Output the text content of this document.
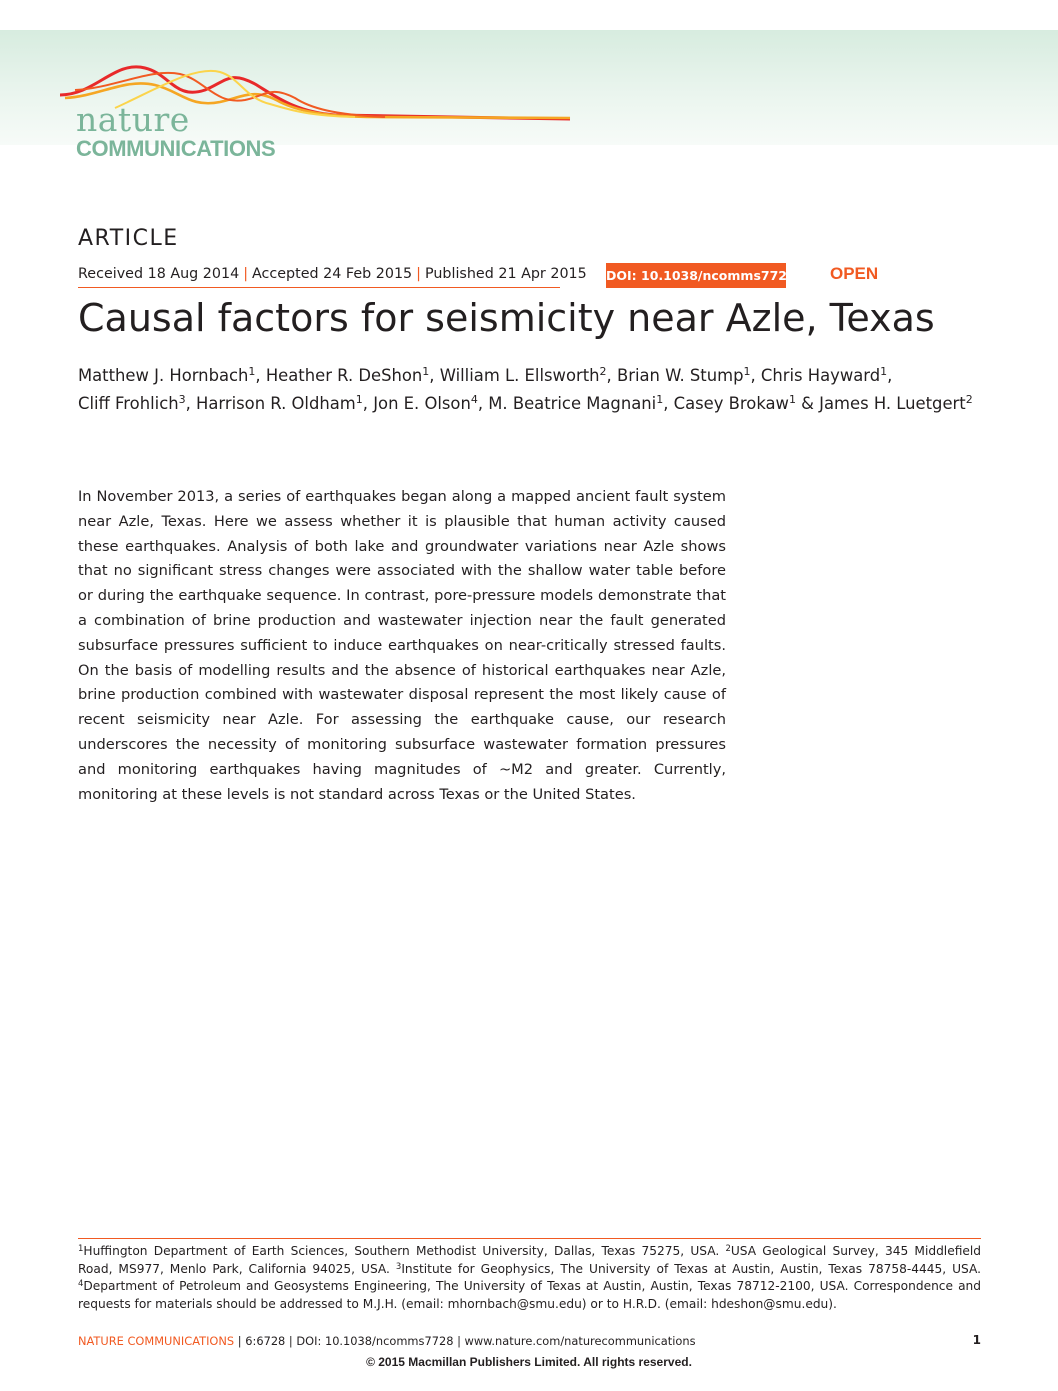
nature
COMMUNICATIONS
ARTICLE
Received 18 Aug 2014 | Accepted 24 Feb 2015 | Published 21 Apr 2015 DOI: 10.1038/ncomms7728 OPEN
Causal factors for seismicity near Azle, Texas
Matthew J. Hornbach$^1$, Heather R. DeShon$^1$, William L. Ellsworth$^2$, Brian W. Stump$^1$, Chris Hayward$^1$,
Cliff Frohlich$^3$, Harrison R. Oldham$^1$, Jon E. Olson$^4$, M. Beatrice Magnani$^1$, Casey Brokaw$^1$ & James H. Luetgert$^2$

In November 2013, a series of earthquakes began along a mapped ancient fault system near Azle, Texas. Here we assess whether it is plausible that human activity caused these earthquakes. Analysis of both lake and groundwater variations near Azle shows that no significant stress changes were associated with the shallow water table before or during the earthquake sequence. In contrast, pore-pressure models demonstrate that a combination of brine production and wastewater injection near the fault generated subsurface pressures sufficient to induce earthquakes on near-critically stressed faults. On the basis of modelling results and the absence of historical earthquakes near Azle, brine production combined with wastewater disposal represent the most likely cause of recent seismicity near Azle. For assessing the earthquake cause, our research underscores the necessity of monitoring subsurface wastewater formation pressures and monitoring earthquakes having magnitudes of ∼M2 and greater. Currently, monitoring at these levels is not standard across Texas or the United States.

$^1$Huffington Department of Earth Sciences, Southern Methodist University, Dallas, Texas 75275, USA. $^2$USA Geological Survey, 345 Middlefield Road, MS977, Menlo Park, California 94025, USA. $^3$Institute for Geophysics, The University of Texas at Austin, Austin, Texas 78758-4445, USA. $^4$Department of Petroleum and Geosystems Engineering, The University of Texas at Austin, Austin, Texas 78712-2100, USA. Correspondence and requests for materials should be addressed to M.J.H. (email: mhornbach@smu.edu) or to H.R.D. (email: hdeshon@smu.edu).

NATURE COMMUNICATIONS | 6:6728 | DOI: 10.1038/ncomms7728 | www.nature.com/naturecommunications	1
© 2015 Macmillan Publishers Limited. All rights reserved.
